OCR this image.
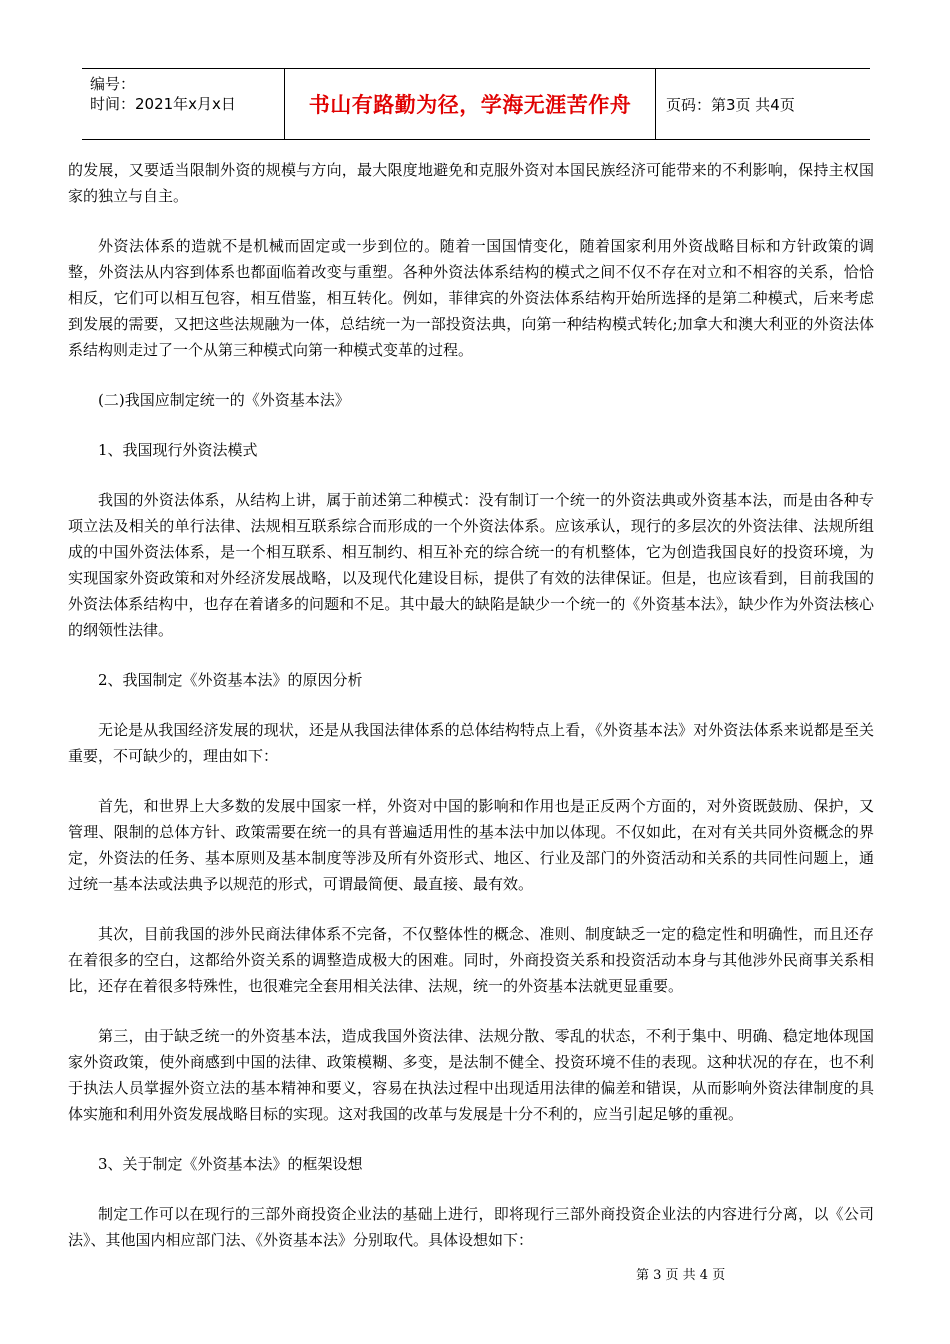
编号：
时间：2021年x月x日	书山有路勤为径，学海无涯苦作舟	页码：第3页 共4页

的发展，又要适当限制外资的规模与方向，最大限度地避免和克服外资对本国民族经济可能带来的不利影响，保持主权国家的独立与自主。

外资法体系的造就不是机械而固定或一步到位的。随着一国国情变化，随着国家利用外资战略目标和方针政策的调整，外资法从内容到体系也都面临着改变与重塑。各种外资法体系结构的模式之间不仅不存在对立和不相容的关系，恰恰相反，它们可以相互包容，相互借鉴，相互转化。例如，菲律宾的外资法体系结构开始所选择的是第二种模式，后来考虑到发展的需要，又把这些法规融为一体，总结统一为一部投资法典，向第一种结构模式转化;加拿大和澳大利亚的外资法体系结构则走过了一个从第三种模式向第一种模式变革的过程。

(二)我国应制定统一的《外资基本法》

1、我国现行外资法模式

我国的外资法体系，从结构上讲，属于前述第二种模式：没有制订一个统一的外资法典或外资基本法，而是由各种专项立法及相关的单行法律、法规相互联系综合而形成的一个外资法体系。应该承认，现行的多层次的外资法律、法规所组成的中国外资法体系，是一个相互联系、相互制约、相互补充的综合统一的有机整体，它为创造我国良好的投资环境，为实现国家外资政策和对外经济发展战略，以及现代化建设目标，提供了有效的法律保证。但是，也应该看到，目前我国的外资法体系结构中，也存在着诸多的问题和不足。其中最大的缺陷是缺少一个统一的《外资基本法》，缺少作为外资法核心的纲领性法律。

2、我国制定《外资基本法》的原因分析

无论是从我国经济发展的现状，还是从我国法律体系的总体结构特点上看，《外资基本法》对外资法体系来说都是至关重要，不可缺少的，理由如下：

首先，和世界上大多数的发展中国家一样，外资对中国的影响和作用也是正反两个方面的，对外资既鼓励、保护，又管理、限制的总体方针、政策需要在统一的具有普遍适用性的基本法中加以体现。不仅如此，在对有关共同外资概念的界定，外资法的任务、基本原则及基本制度等涉及所有外资形式、地区、行业及部门的外资活动和关系的共同性问题上，通过统一基本法或法典予以规范的形式，可谓最简便、最直接、最有效。

其次，目前我国的涉外民商法律体系不完备，不仅整体性的概念、准则、制度缺乏一定的稳定性和明确性，而且还存在着很多的空白，这都给外资关系的调整造成极大的困难。同时，外商投资关系和投资活动本身与其他涉外民商事关系相比，还存在着很多特殊性，也很难完全套用相关法律、法规，统一的外资基本法就更显重要。

第三，由于缺乏统一的外资基本法，造成我国外资法律、法规分散、零乱的状态，不利于集中、明确、稳定地体现国家外资政策，使外商感到中国的法律、政策模糊、多变，是法制不健全、投资环境不佳的表现。这种状况的存在，也不利于执法人员掌握外资立法的基本精神和要义，容易在执法过程中出现适用法律的偏差和错误，从而影响外资法律制度的具体实施和利用外资发展战略目标的实现。这对我国的改革与发展是十分不利的，应当引起足够的重视。

3、关于制定《外资基本法》的框架设想

制定工作可以在现行的三部外商投资企业法的基础上进行，即将现行三部外商投资企业法的内容进行分离，以《公司法》、其他国内相应部门法、《外资基本法》分别取代。具体设想如下：

第 3 页 共 4 页
